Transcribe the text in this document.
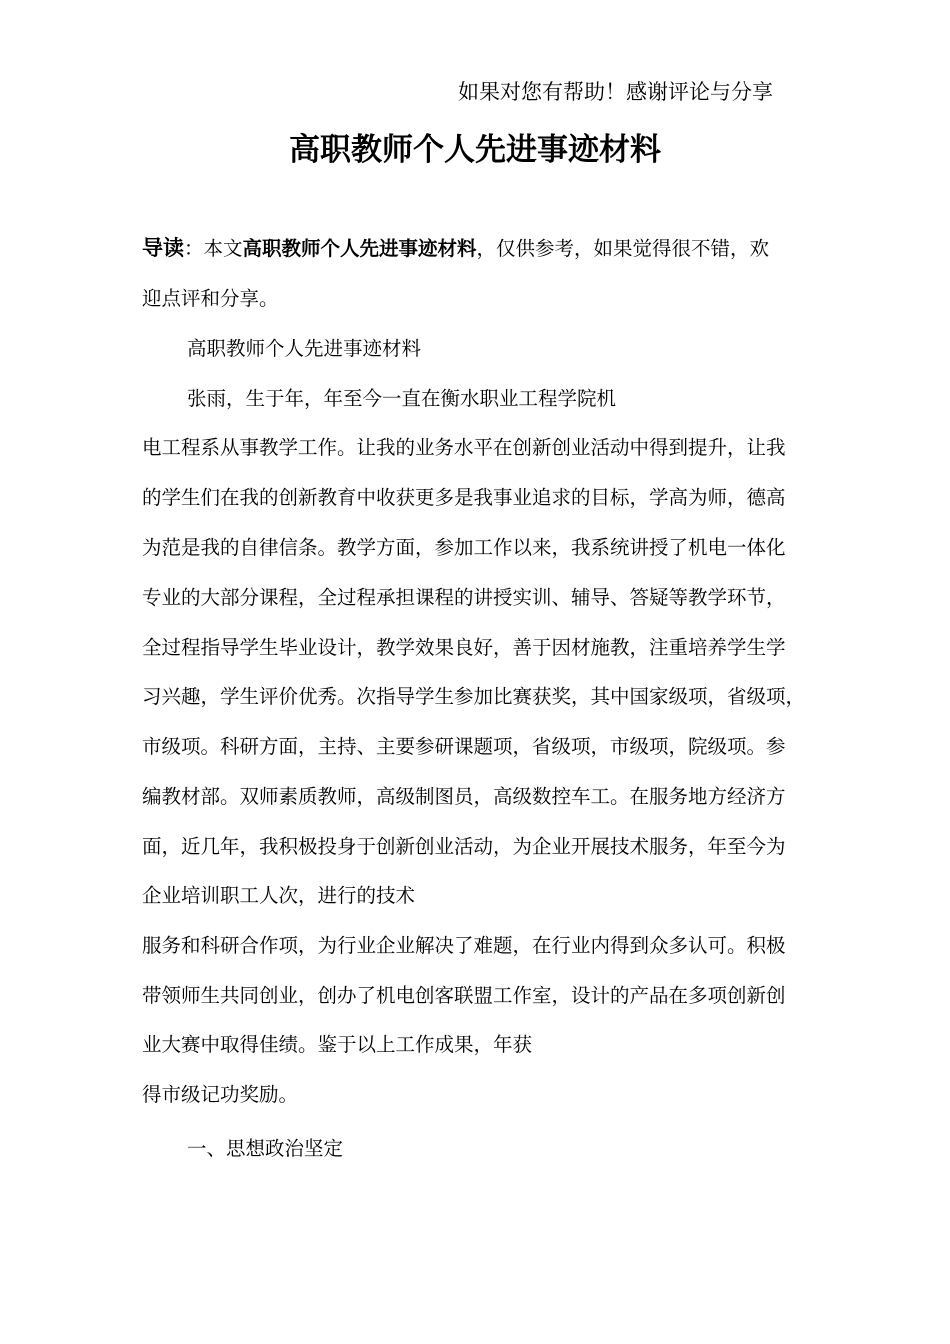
如果对您有帮助！感谢评论与分享
高职教师个人先进事迹材料
导读：本文高职教师个人先进事迹材料，仅供参考，如果觉得很不错，欢
迎点评和分享。
高职教师个人先进事迹材料
张雨，生于年，年至今一直在衡水职业工程学院机
电工程系从事教学工作。让我的业务水平在创新创业活动中得到提升，让我
的学生们在我的创新教育中收获更多是我事业追求的目标，学高为师，德高
为范是我的自律信条。教学方面，参加工作以来，我系统讲授了机电一体化
专业的大部分课程，全过程承担课程的讲授实训、辅导、答疑等教学环节，
全过程指导学生毕业设计，教学效果良好，善于因材施教，注重培养学生学
习兴趣，学生评价优秀。次指导学生参加比赛获奖，其中国家级项，省级项，
市级项。科研方面，主持、主要参研课题项，省级项，市级项，院级项。参
编教材部。双师素质教师，高级制图员，高级数控车工。在服务地方经济方
面，近几年，我积极投身于创新创业活动，为企业开展技术服务，年至今为
企业培训职工人次，进行的技术
服务和科研合作项，为行业企业解决了难题，在行业内得到众多认可。积极
带领师生共同创业，创办了机电创客联盟工作室，设计的产品在多项创新创
业大赛中取得佳绩。鉴于以上工作成果，年获
得市级记功奖励。
一、思想政治坚定
